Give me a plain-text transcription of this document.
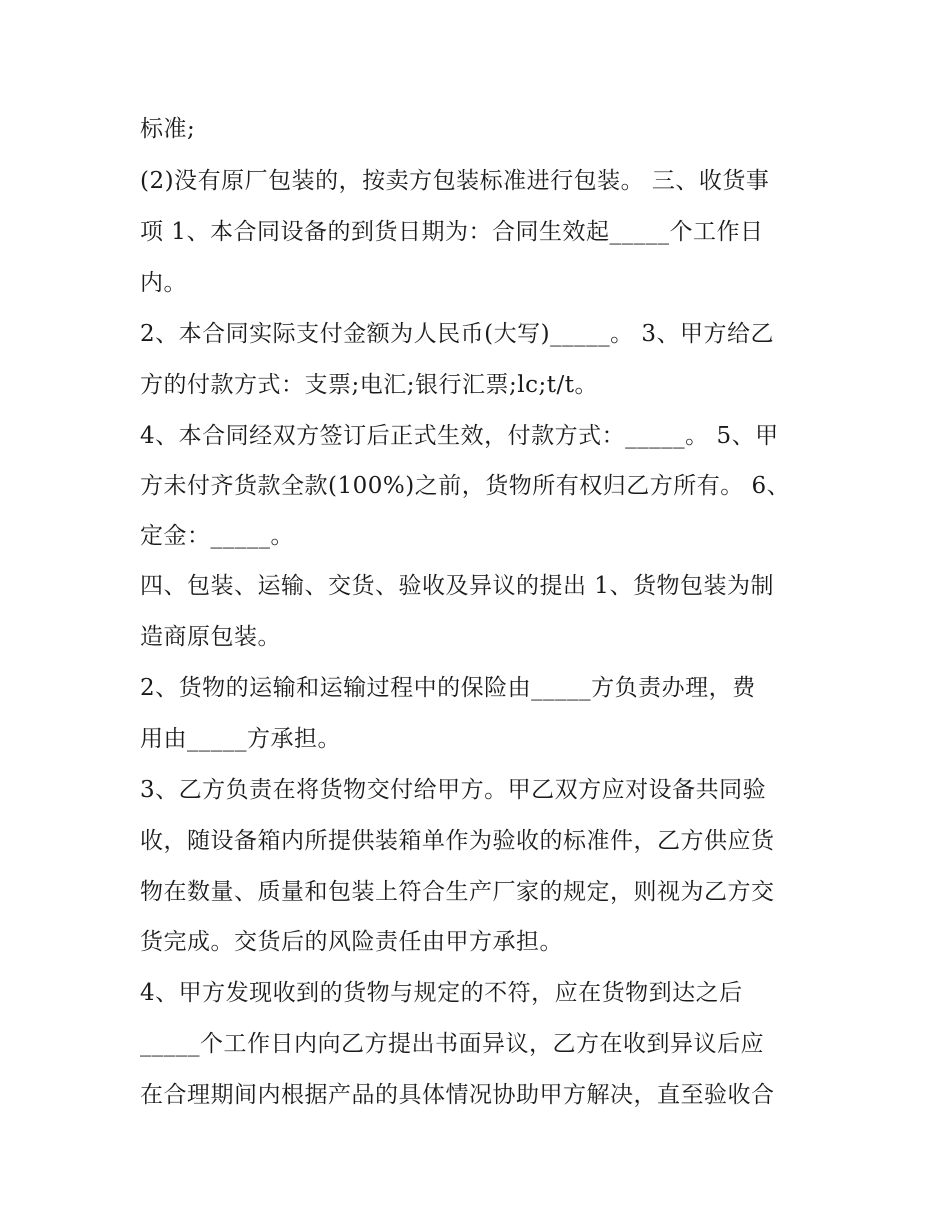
标准;
(2)没有原厂包装的，按卖方包装标准进行包装。 三、收货事
项 1、本合同设备的到货日期为：合同生效起_____个工作日
内。
2、本合同实际支付金额为人民币(大写)_____。 3、甲方给乙
方的付款方式：支票;电汇;银行汇票;lc;t/t。
4、本合同经双方签订后正式生效，付款方式：_____。 5、甲
方未付齐货款全款(100%)之前，货物所有权归乙方所有。 6、
定金：_____。
四、包装、运输、交货、验收及异议的提出 1、货物包装为制
造商原包装。
2、货物的运输和运输过程中的保险由_____方负责办理，费
用由_____方承担。
3、乙方负责在将货物交付给甲方。甲乙双方应对设备共同验
收，随设备箱内所提供装箱单作为验收的标准件，乙方供应货
物在数量、质量和包装上符合生产厂家的规定，则视为乙方交
货完成。交货后的风险责任由甲方承担。
4、甲方发现收到的货物与规定的不符，应在货物到达之后
_____个工作日内向乙方提出书面异议，乙方在收到异议后应
在合理期间内根据产品的具体情况协助甲方解决，直至验收合
